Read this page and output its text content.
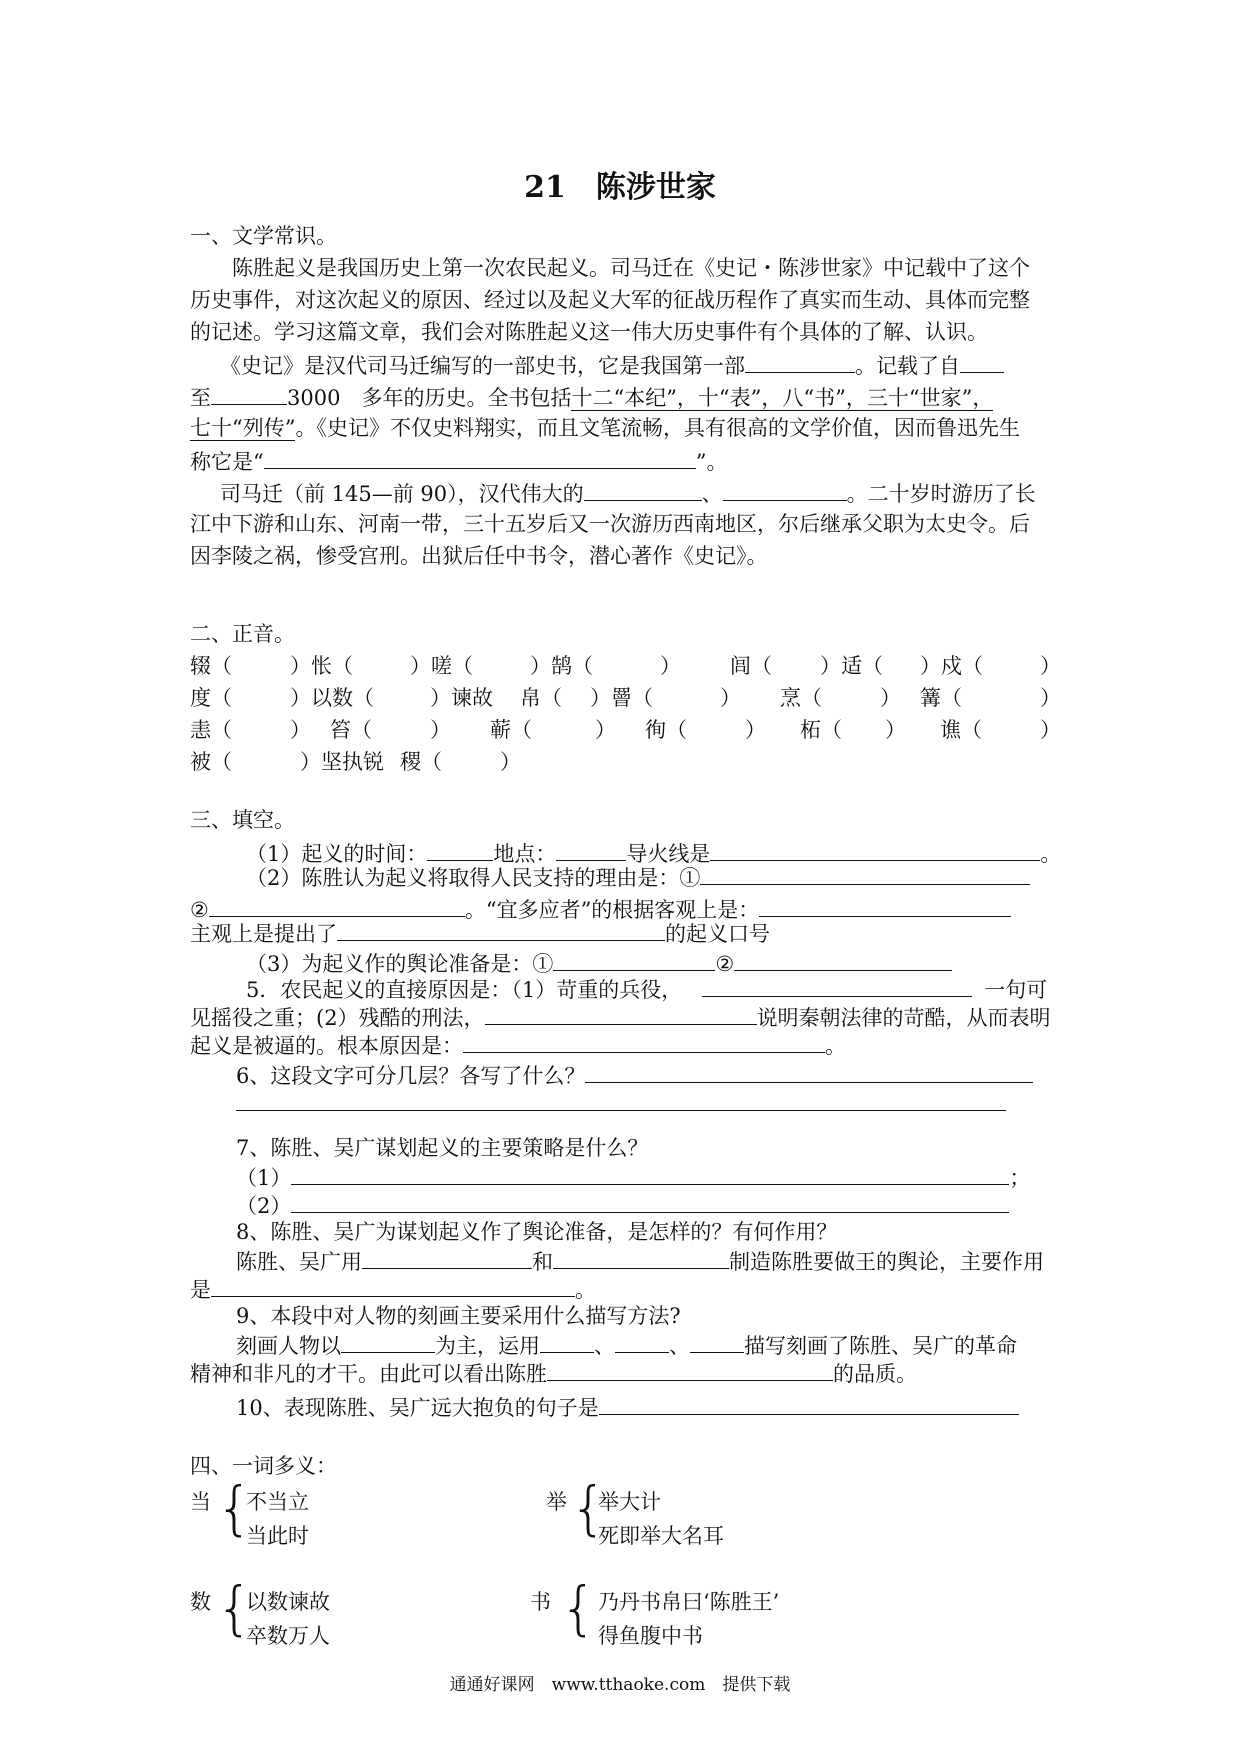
21　陈涉世家
一、文学常识。
陈胜起义是我国历史上第一次农民起义。司马迁在《史记・陈涉世家》中记载中了这个
历史事件，对这次起义的原因、经过以及起义大军的征战历程作了真实而生动、具体而完整
的记述。学习这篇文章，我们会对陈胜起义这一伟大历史事件有个具体的了解、认识。
《史记》是汉代司马迁编写的一部史书，它是我国第一部	。记载了自
至	3000　多年的历史。全书包括十二“本纪”，十“表”，八“书”，三十“世家”，
七十“列传”。《史记》不仅史料翔实，而且文笔流畅，具有很高的文学价值，因而鲁迅先生
称它是“	”。
司马迁（前 145—前 90），汉代伟大的	、	。二十岁时游历了长
江中下游和山东、河南一带，三十五岁后又一次游历西南地区，尔后继承父职为太史令。后
因李陵之祸，惨受宫刑。出狱后任中书令，潜心著作《史记》。
二、正音。
辍（	）怅（	）嗟（	）鹄（	） 闾（ ）适（ ）戍（	）
度（	）以数（	）谏故 帛（ ）罾（	） 烹（	） 篝（	）
恚（	） 笞（	） 蕲（	） 徇（	） 柘（ ） 谯（	）
被（	）坚执锐 稷（	）
三、填空。
（1）起义的时间：	地点：	导火线是	。
（2）陈胜认为起义将取得人民支持的理由是：①
②	。“宜多应者”的根据客观上是：
主观上是提出了	的起义口号
（3）为起义作的舆论准备是：①	②
5．农民起义的直接原因是：（1）苛重的兵役，	一句可
见摇役之重；(2）残酷的刑法，	说明秦朝法律的苛酷，从而表明
起义是被逼的。根本原因是：	。
6、这段文字可分几层？各写了什么？
7、陈胜、吴广谋划起义的主要策略是什么？
（1）	；
（2）
8、陈胜、吴广为谋划起义作了舆论准备，是怎样的？有何作用？
陈胜、吴广用	和	制造陈胜要做王的舆论，主要作用
是	。
9、本段中对人物的刻画主要采用什么描写方法?
刻画人物以	为主，运用	、	、	描写刻画了陈胜、吴广的革命
精神和非凡的才干。由此可以看出陈胜	的品质。
10、表现陈胜、吴广远大抱负的句子是
四、一词多义：
当 {
不当立
当此时
举 {
举大计
死即举大名耳
数 {
以数谏故
卒数万人
书 { 乃丹书帛曰‘陈胜王’
得鱼腹中书
通通好课网　www.tthaoke.com　提供下载
